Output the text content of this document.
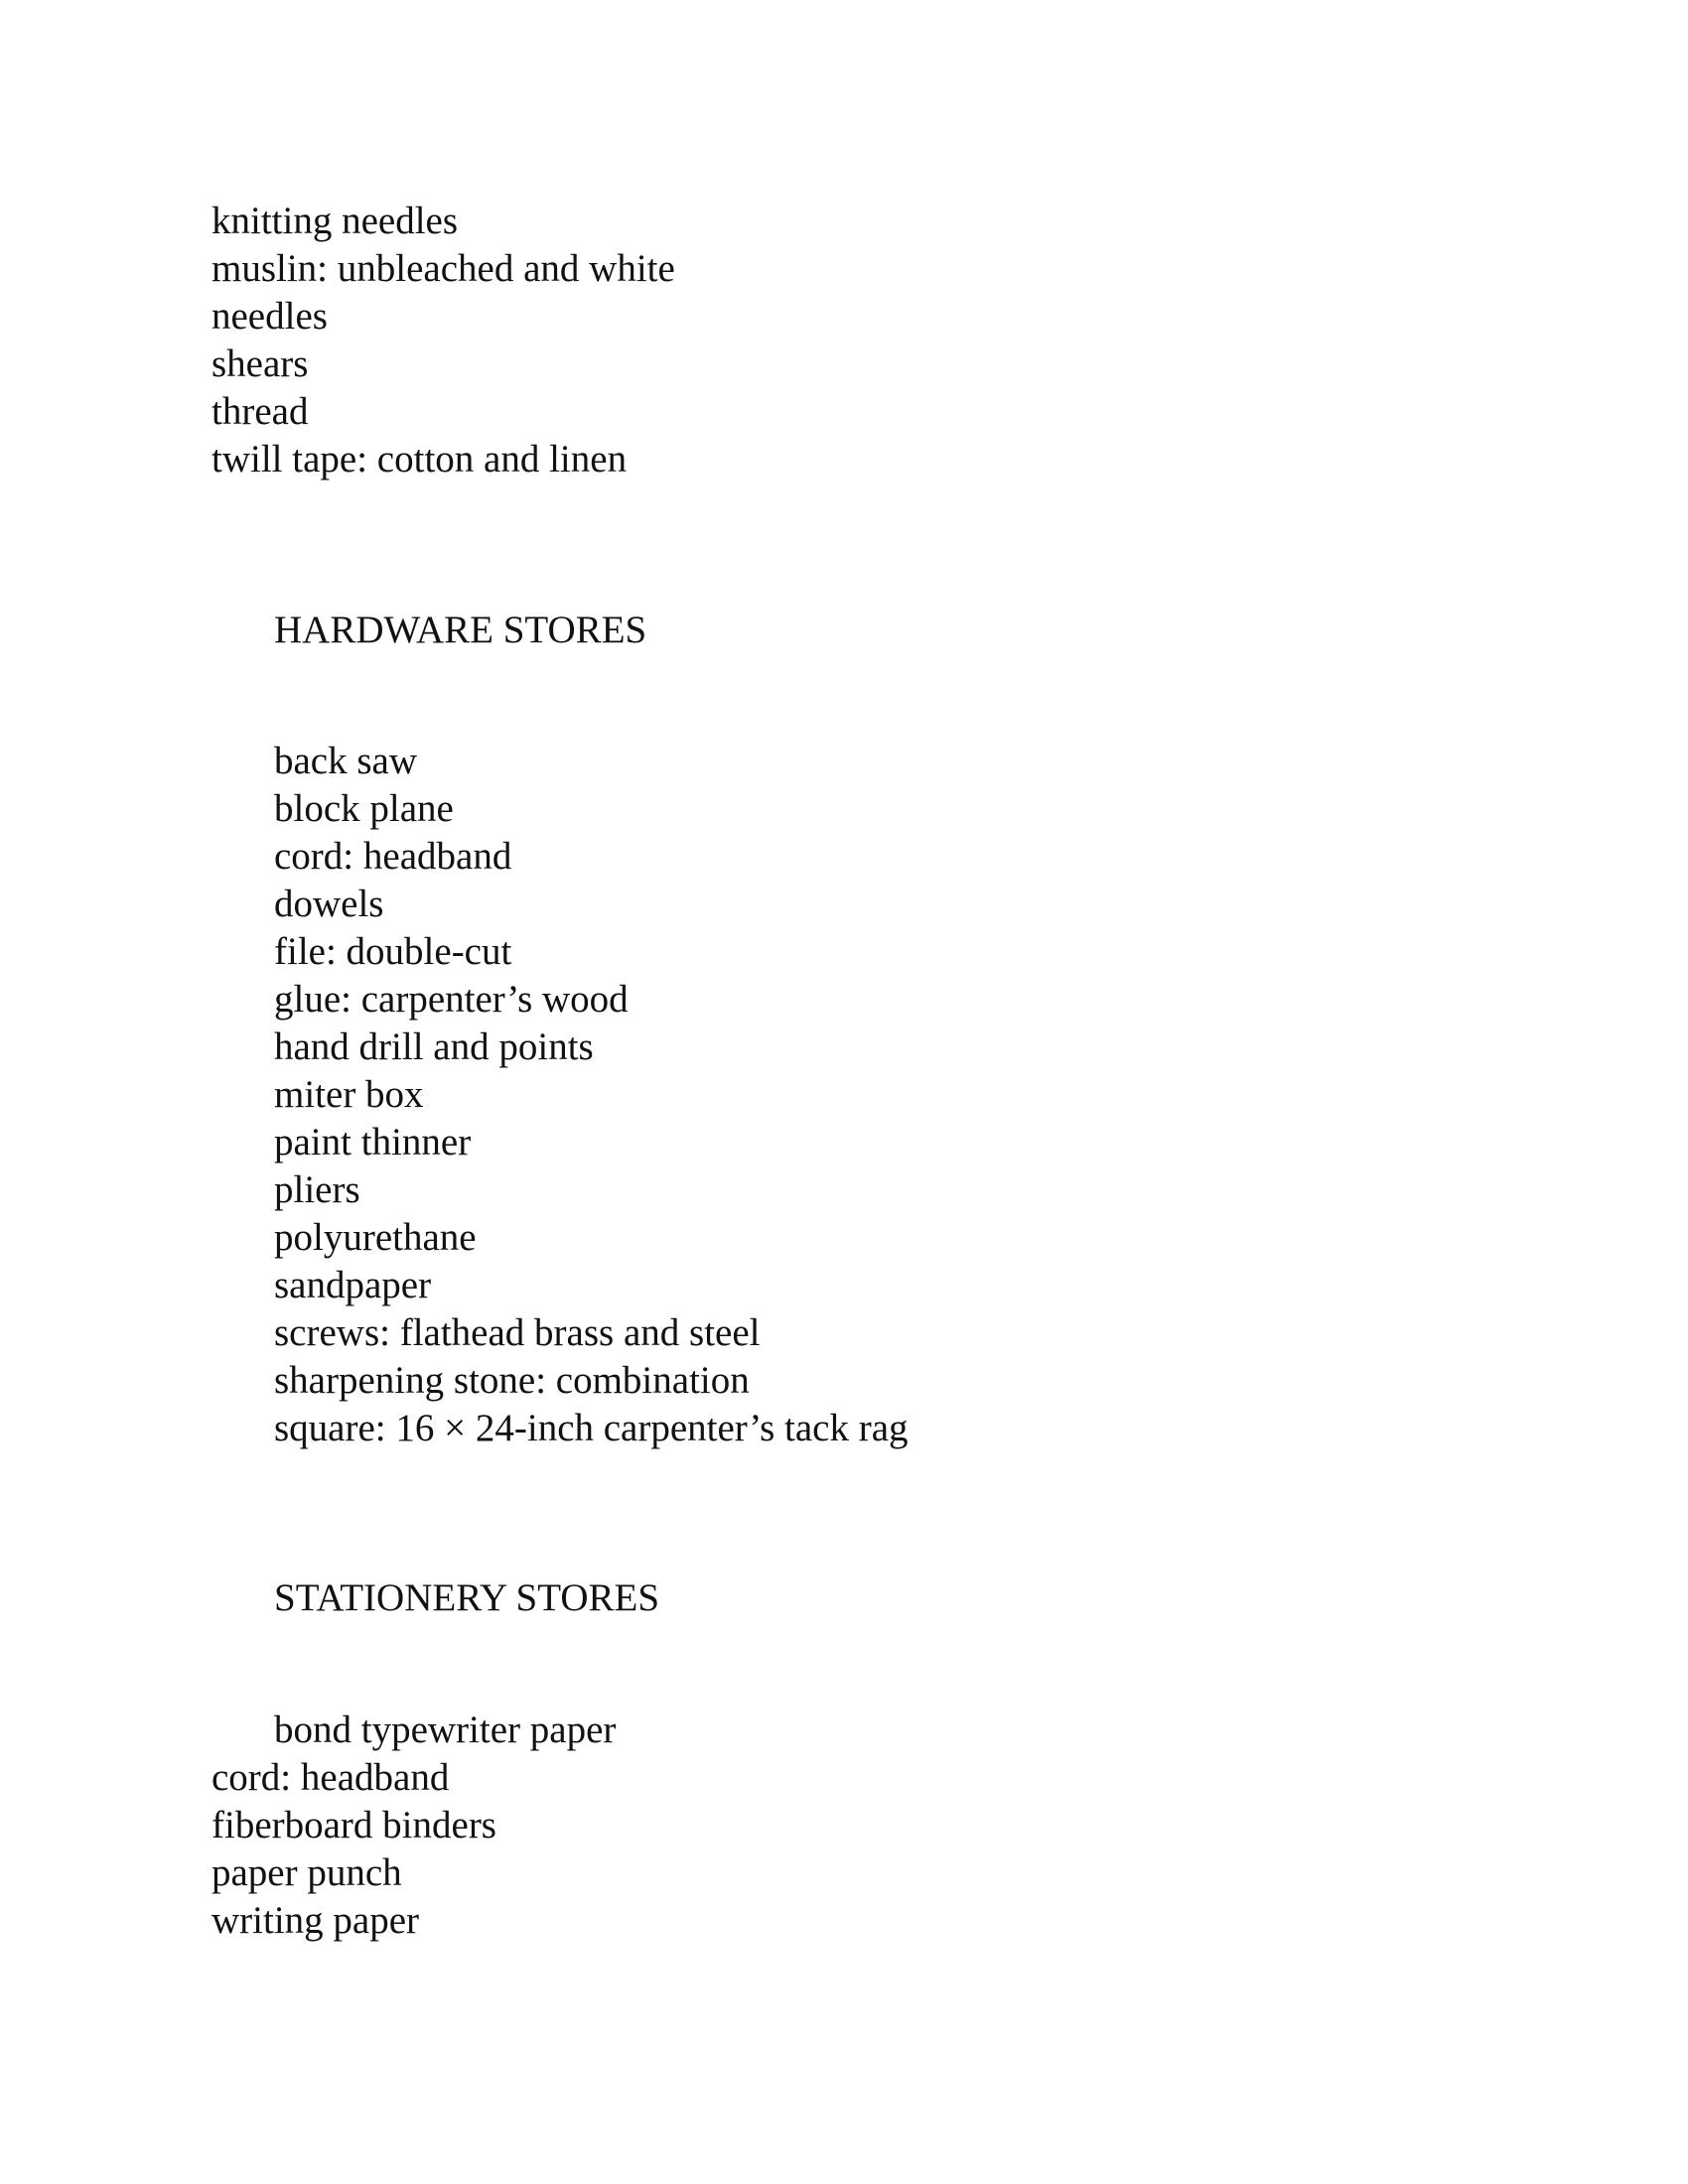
knitting needles
muslin: unbleached and white
needles
shears
thread
twill tape: cotton and linen
HARDWARE STORES
back saw
block plane
cord: headband
dowels
file: double-cut
glue: carpenter’s wood
hand drill and points
miter box
paint thinner
pliers
polyurethane
sandpaper
screws: flathead brass and steel
sharpening stone: combination
square: 16 × 24-inch carpenter’s tack rag
STATIONERY STORES
bond typewriter paper
cord: headband
fiberboard binders
paper punch
writing paper
